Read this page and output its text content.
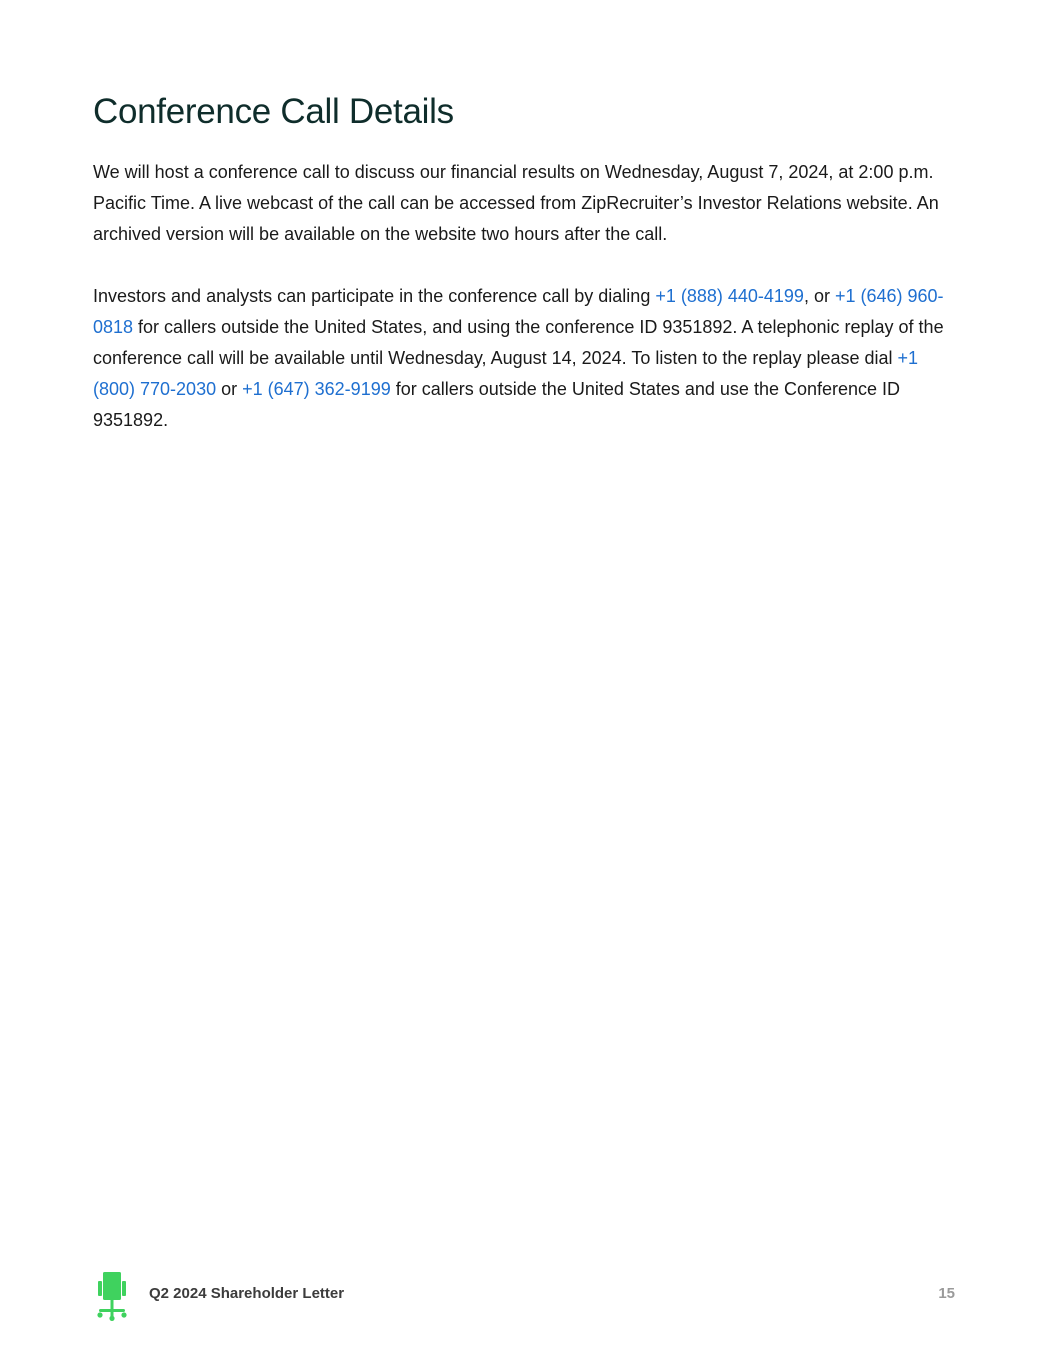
Conference Call Details

We will host a conference call to discuss our financial results on Wednesday, August 7, 2024, at 2:00 p.m. Pacific Time. A live webcast of the call can be accessed from ZipRecruiter’s Investor Relations website. An archived version will be available on the website two hours after the call.

Investors and analysts can participate in the conference call by dialing +1 (888) 440-4199, or +1 (646) 960-0818 for callers outside the United States, and using the conference ID 9351892. A telephonic replay of the conference call will be available until Wednesday, August 14, 2024. To listen to the replay please dial +1 (800) 770-2030 or +1 (647) 362-9199 for callers outside the United States and use the Conference ID 9351892.

Q2 2024 Shareholder Letter	15
